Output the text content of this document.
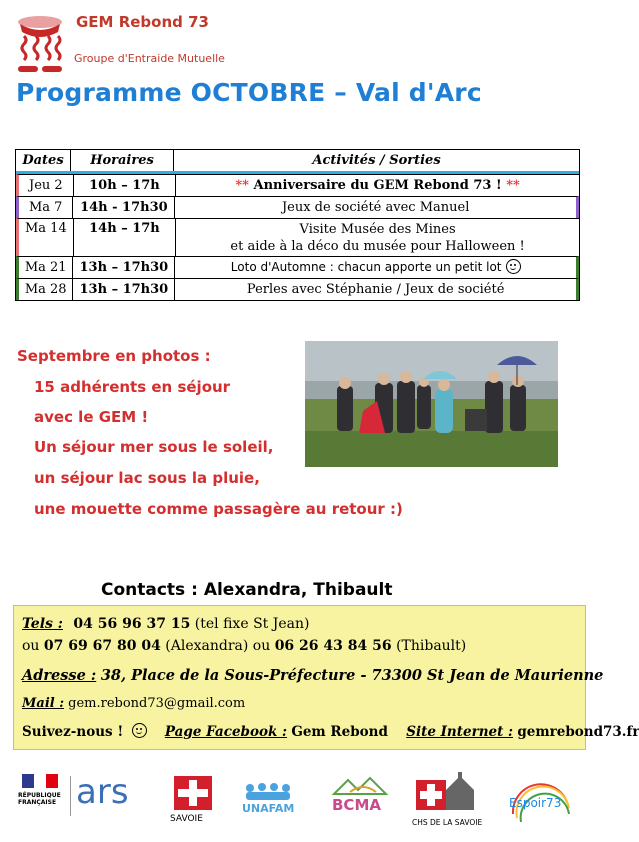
GEM Rebond 73
Groupe d'Entraide Mutuelle
Programme OCTOBRE – Val d'Arc
Dates	Horaires	Activités / Sorties
Jeu 2	10h – 17h	** Anniversaire du GEM Rebond 73 ! **
Ma 7	14h - 17h30	Jeux de société avec Manuel
Ma 14	14h – 17h	Visite Musée des Mines
et aide à la déco du musée pour Halloween !
Ma 21 13h – 17h30	Loto d'Automne : chacun apporte un petit lot
Ma 28 13h – 17h30	Perles avec Stéphanie / Jeux de société
Septembre en photos :
15 adhérents en séjour
avec le GEM !
Un séjour mer sous le soleil,
un séjour lac sous la pluie,
une mouette comme passagère au retour :)
Contacts : Alexandra, Thibault
Tels : 04 56 96 37 15 (tel fixe St Jean)
ou 07 69 67 80 04 (Alexandra) ou 06 26 43 84 56 (Thibault)
Adresse : 38, Place de la Sous-Préfecture - 73300 St Jean de Maurienne
Mail : gem.rebond73@gmail.com
Suivez-nous !	Page Facebook : Gem Rebond Site Internet : gemrebond73.fr
RÉPUBLIQUE
FRANÇAISE ars
SAVOIE
UNAFAM	BCMA
CHS DE LA SAVOIE
Espoir73
